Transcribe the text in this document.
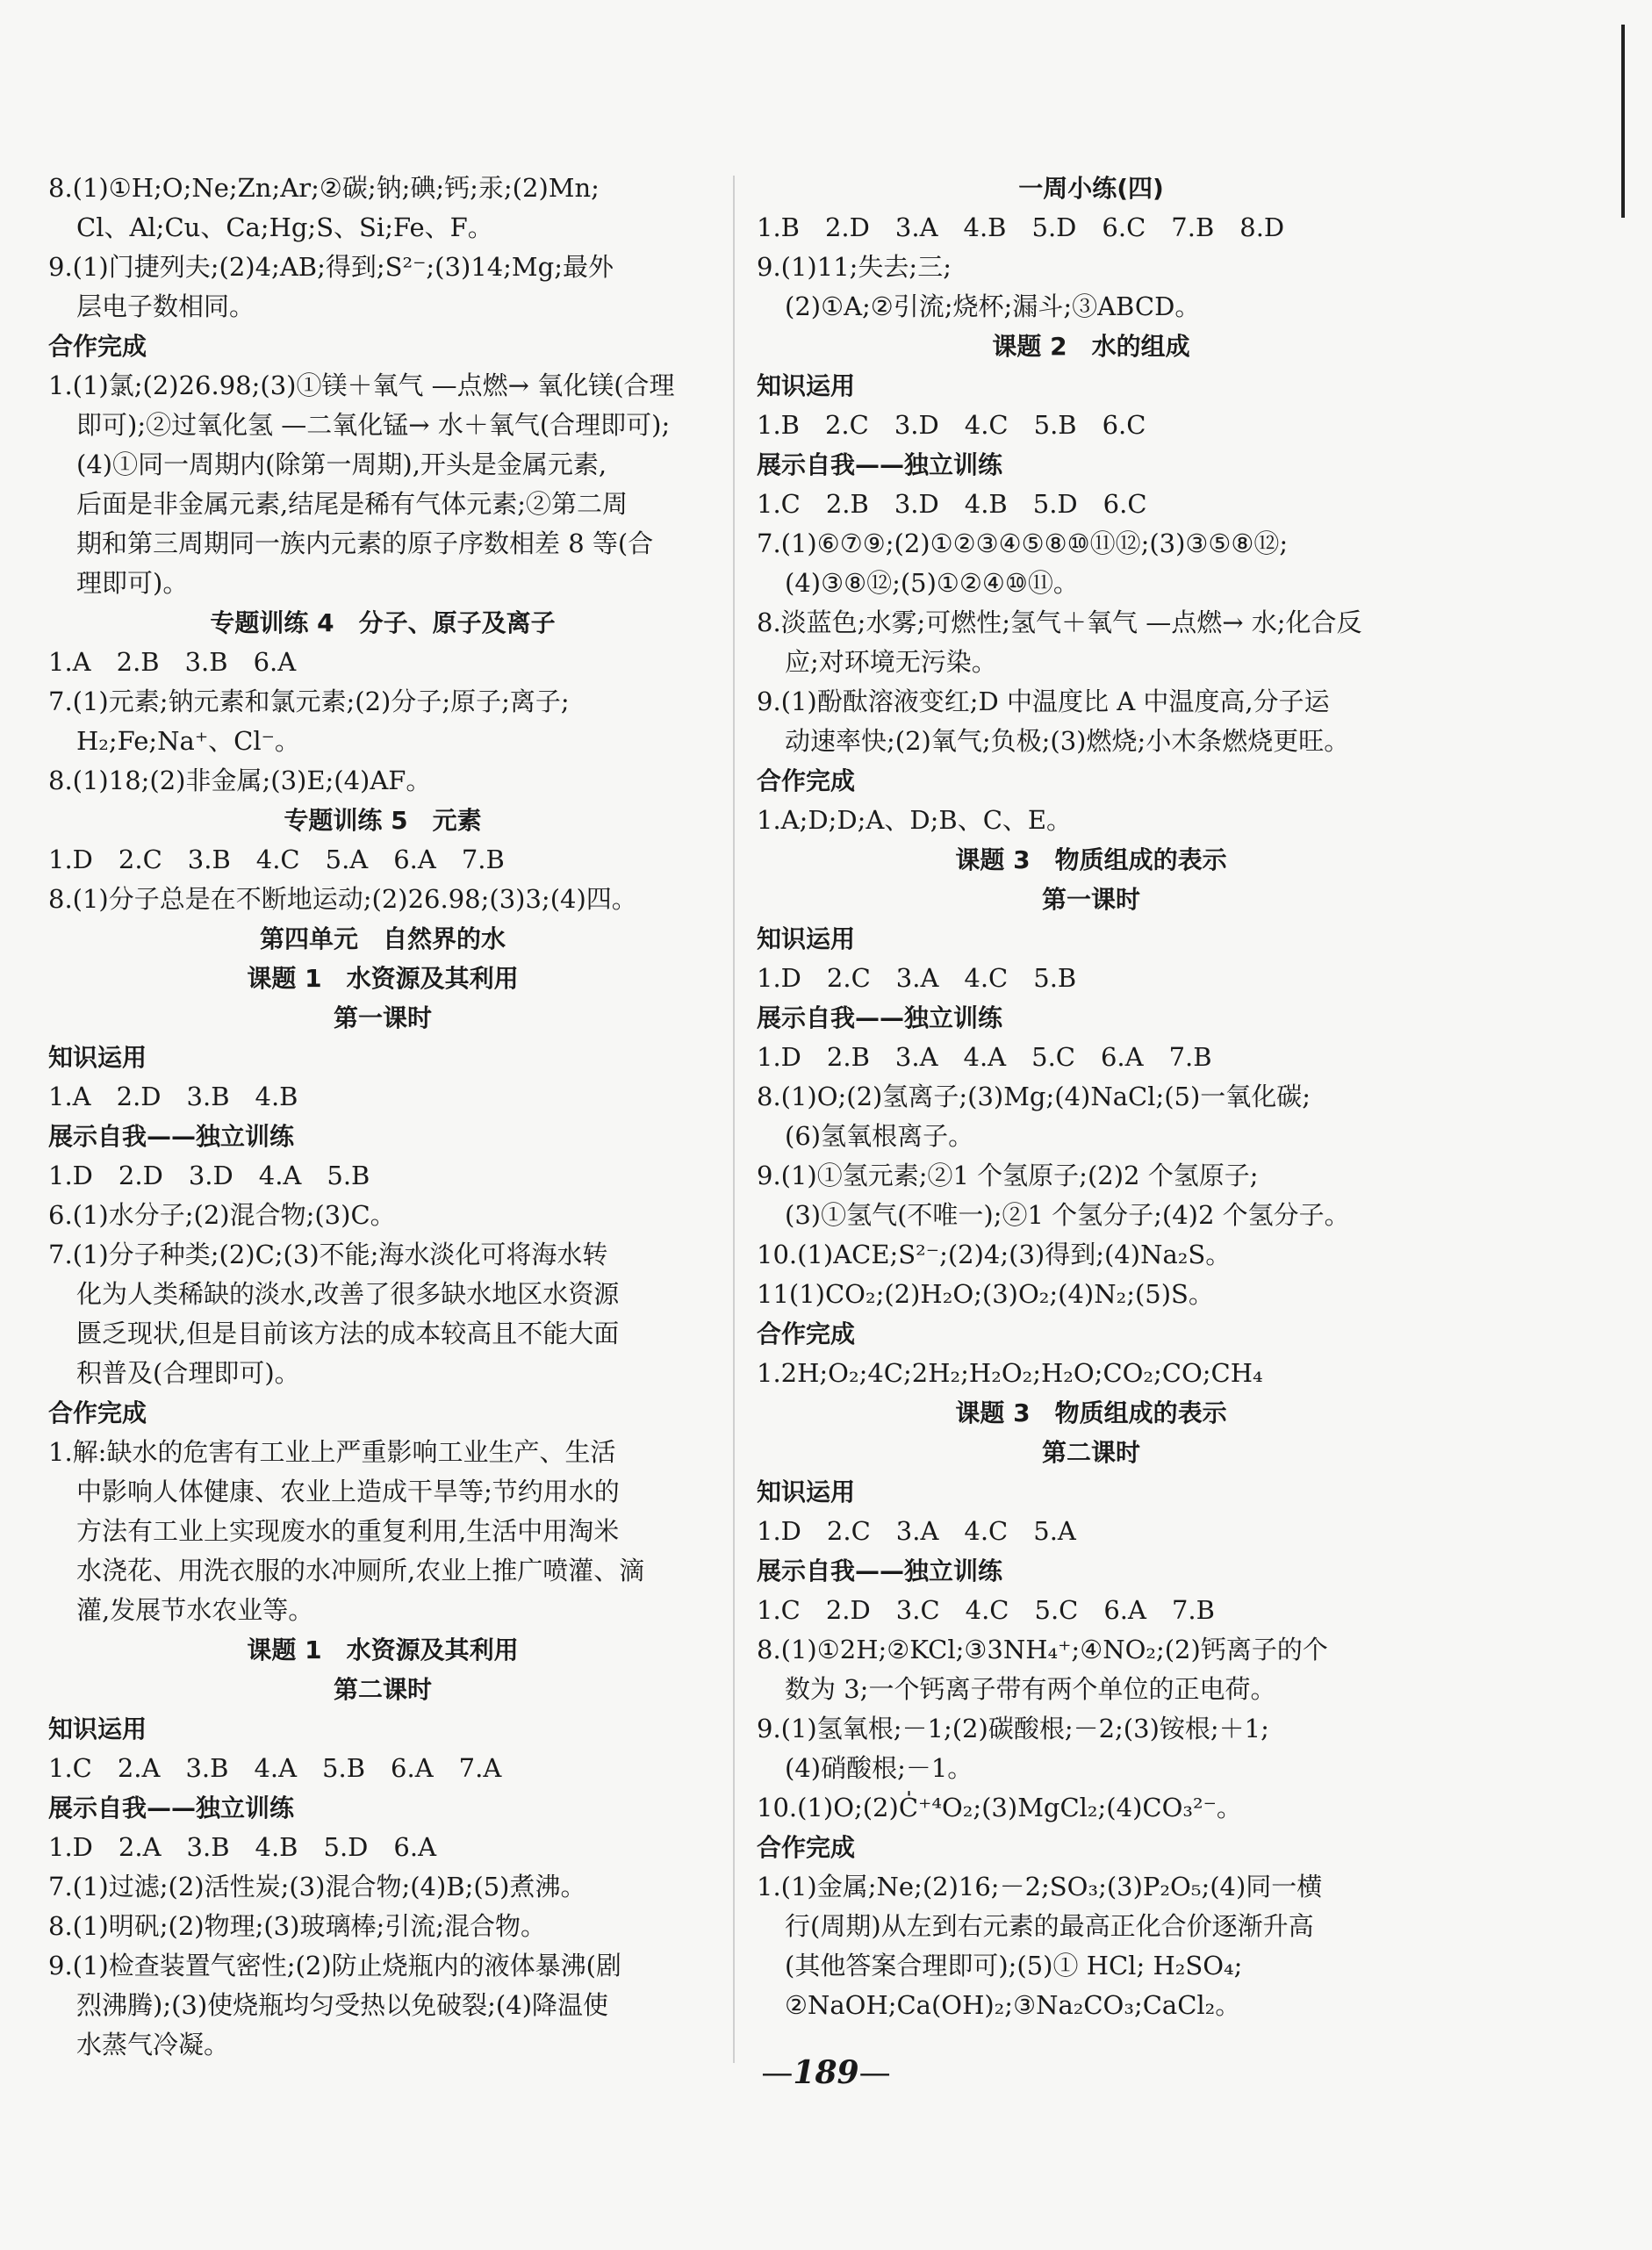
8.(1)①H;O;Ne;Zn;Ar;②碳;钠;碘;钙;汞;(2)Mn;
Cl、Al;Cu、Ca;Hg;S、Si;Fe、F。
9.(1)门捷列夫;(2)4;AB;得到;S²⁻;(3)14;Mg;最外
层电子数相同。
合作完成
1.(1)氯;(2)26.98;(3)①镁＋氧气 —点燃→ 氧化镁(合理
即可);②过氧化氢 —二氧化锰→ 水＋氧气(合理即可);
(4)①同一周期内(除第一周期),开头是金属元素,
后面是非金属元素,结尾是稀有气体元素;②第二周
期和第三周期同一族内元素的原子序数相差 8 等(合
理即可)。
专题训练 4　分子、原子及离子
1.A　2.B　3.B　6.A
7.(1)元素;钠元素和氯元素;(2)分子;原子;离子;
H₂;Fe;Na⁺、Cl⁻。
8.(1)18;(2)非金属;(3)E;(4)AF。
专题训练 5　元素
1.D　2.C　3.B　4.C　5.A　6.A　7.B
8.(1)分子总是在不断地运动;(2)26.98;(3)3;(4)四。
第四单元　自然界的水
课题 1　水资源及其利用
第一课时
知识运用
1.A　2.D　3.B　4.B
展示自我——独立训练
1.D　2.D　3.D　4.A　5.B
6.(1)水分子;(2)混合物;(3)C。
7.(1)分子种类;(2)C;(3)不能;海水淡化可将海水转
化为人类稀缺的淡水,改善了很多缺水地区水资源
匮乏现状,但是目前该方法的成本较高且不能大面
积普及(合理即可)。
合作完成
1.解:缺水的危害有工业上严重影响工业生产、生活
中影响人体健康、农业上造成干旱等;节约用水的
方法有工业上实现废水的重复利用,生活中用淘米
水浇花、用洗衣服的水冲厕所,农业上推广喷灌、滴
灌,发展节水农业等。
课题 1　水资源及其利用
第二课时
知识运用
1.C　2.A　3.B　4.A　5.B　6.A　7.A
展示自我——独立训练
1.D　2.A　3.B　4.B　5.D　6.A
7.(1)过滤;(2)活性炭;(3)混合物;(4)B;(5)煮沸。
8.(1)明矾;(2)物理;(3)玻璃棒;引流;混合物。
9.(1)检查装置气密性;(2)防止烧瓶内的液体暴沸(剧
烈沸腾);(3)使烧瓶均匀受热以免破裂;(4)降温使
水蒸气冷凝。
一周小练(四)
1.B　2.D　3.A　4.B　5.D　6.C　7.B　8.D
9.(1)11;失去;三;
(2)①A;②引流;烧杯;漏斗;③ABCD。
课题 2　水的组成
知识运用
1.B　2.C　3.D　4.C　5.B　6.C
展示自我——独立训练
1.C　2.B　3.D　4.B　5.D　6.C
7.(1)⑥⑦⑨;(2)①②③④⑤⑧⑩⑪⑫;(3)③⑤⑧⑫;
(4)③⑧⑫;(5)①②④⑩⑪。
8.淡蓝色;水雾;可燃性;氢气＋氧气 —点燃→ 水;化合反
应;对环境无污染。
9.(1)酚酞溶液变红;D 中温度比 A 中温度高,分子运
动速率快;(2)氧气;负极;(3)燃烧;小木条燃烧更旺。
合作完成
1.A;D;D;A、D;B、C、E。
课题 3　物质组成的表示
第一课时
知识运用
1.D　2.C　3.A　4.C　5.B
展示自我——独立训练
1.D　2.B　3.A　4.A　5.C　6.A　7.B
8.(1)O;(2)氢离子;(3)Mg;(4)NaCl;(5)一氧化碳;
(6)氢氧根离子。
9.(1)①氢元素;②1 个氢原子;(2)2 个氢原子;
(3)①氢气(不唯一);②1 个氢分子;(4)2 个氢分子。
10.(1)ACE;S²⁻;(2)4;(3)得到;(4)Na₂S。
11(1)CO₂;(2)H₂O;(3)O₂;(4)N₂;(5)S。
合作完成
1.2H;O₂;4C;2H₂;H₂O₂;H₂O;CO₂;CO;CH₄
课题 3　物质组成的表示
第二课时
知识运用
1.D　2.C　3.A　4.C　5.A
展示自我——独立训练
1.C　2.D　3.C　4.C　5.C　6.A　7.B
8.(1)①2H;②KCl;③3NH₄⁺;④NO₂;(2)钙离子的个
数为 3;一个钙离子带有两个单位的正电荷。
9.(1)氢氧根;－1;(2)碳酸根;－2;(3)铵根;＋1;
(4)硝酸根;－1。
10.(1)O;(2)C̍⁺⁴O₂;(3)MgCl₂;(4)CO₃²⁻。
合作完成
1.(1)金属;Ne;(2)16;－2;SO₃;(3)P₂O₅;(4)同一横
行(周期)从左到右元素的最高正化合价逐渐升高
(其他答案合理即可);(5)① HCl; H₂SO₄;
②NaOH;Ca(OH)₂;③Na₂CO₃;CaCl₂。
—189—
